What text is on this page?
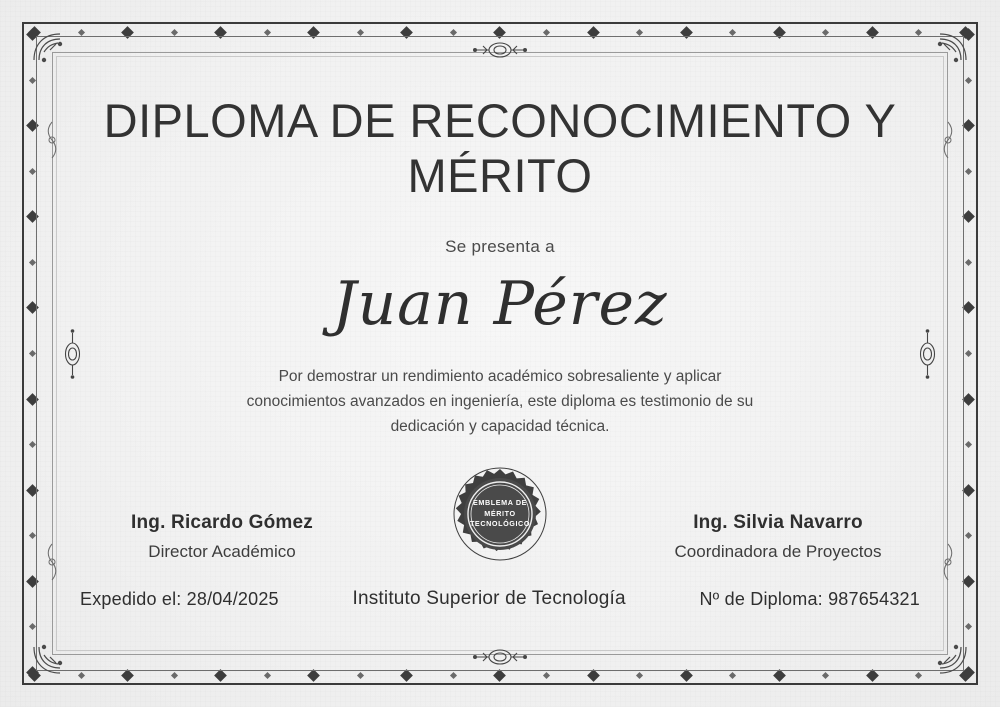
DIPLOMA DE RECONOCIMIENTO Y MÉRITO
Se presenta a
Juan Pérez
Por demostrar un rendimiento académico sobresaliente y aplicar conocimientos avanzados en ingeniería, este diploma es testimonio de su dedicación y capacidad técnica.
EMBLEMA DE
MÉRITO
TECNOLÓGICO
Ing. Ricardo Gómez
Director Académico
Ing. Silvia Navarro
Coordinadora de Proyectos
Expedido el: 28/04/2025	Instituto Superior de Tecnología	Nº de Diploma: 987654321
